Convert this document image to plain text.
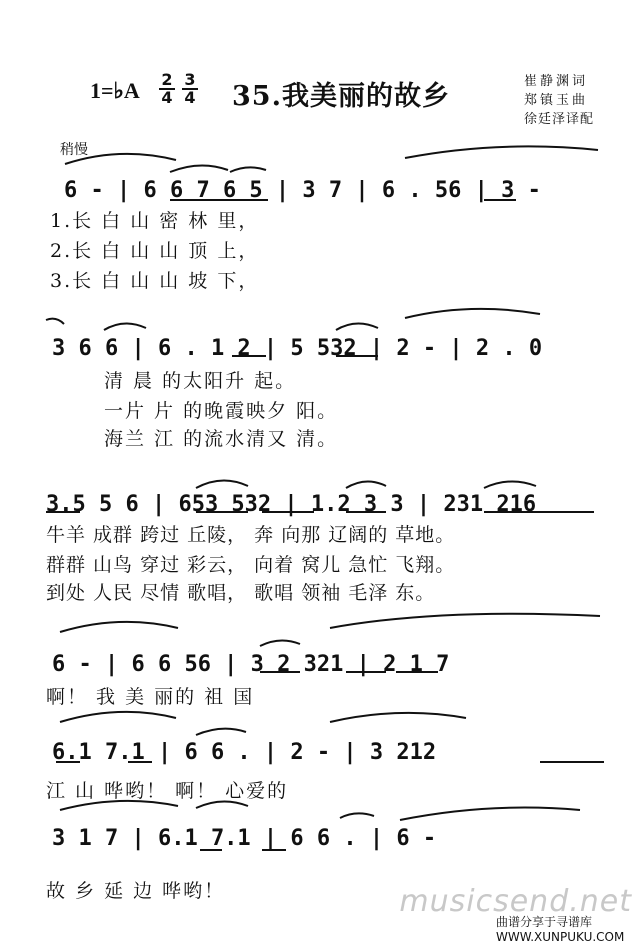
1=♭A 2
4
3
4 35.我美丽的故乡	崔静渊词
郑镇玉曲
徐廷泽译配
稍慢
6 - | 6 6 7 6 5 | 3 7 | 6 . 56 | 3 -
1.长 白 山 密 林 里，
2.长 白 山 山 顶 上，
3.长 白 山 山 坡 下，
3 6 6 | 6 . 1 2 | 5 532 | 2 - | 2 . 0
清 晨 的太阳升 起。
一片 片 的晚霞映夕 阳。
海兰 江 的流水清又 清。
3.5 5 6 | 653 532 | 1.2 3 3 | 231 216
牛羊 成群 跨过 丘陵， 奔 向那 辽阔的 草地。
群群 山鸟 穿过 彩云， 向着 窝儿 急忙 飞翔。
到处 人民 尽情 歌唱， 歌唱 领袖 毛泽 东。
6 - | 6 6 56 | 3 2 321 | 2 1 7
啊！ 我 美 丽的 祖 国
6.1 7.1 | 6 6 . | 2 - | 3 212
江 山 哗哟！ 啊！ 心爱的
3 1 7 | 6.1 7.1 | 6 6 . | 6 -
故 乡 延 边 哗哟！	musicsend.net
曲谱分享于寻谱库 WWW.XUNPUKU.COM
